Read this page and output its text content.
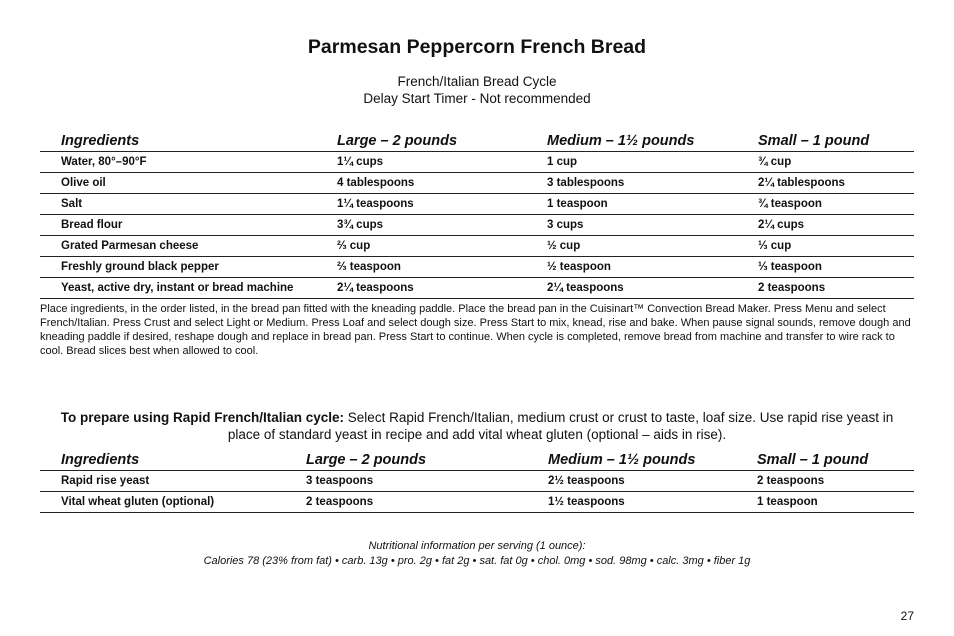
Parmesan Peppercorn French Bread
French/Italian Bread Cycle
Delay Start Timer - Not recommended
Ingredients	Large – 2 pounds	Medium – 1½ pounds	Small – 1 pound
Water, 80°–90°F	1¼ cups	1 cup	¾ cup
Olive oil	4 tablespoons	3 tablespoons	2¼ tablespoons
Salt	1¼ teaspoons	1 teaspoon	¾ teaspoon
Bread flour	3¾ cups	3 cups	2¼ cups
Grated Parmesan cheese	⅔ cup	½ cup	⅓ cup
Freshly ground black pepper	⅔ teaspoon	½ teaspoon	⅓ teaspoon
Yeast, active dry, instant or bread machine	2¼ teaspoons	2¼ teaspoons	2 teaspoons
Place ingredients, in the order listed, in the bread pan fitted with the kneading paddle. Place the bread pan in the Cuisinart™ Convection Bread Maker. Press Menu and select French/Italian. Press Crust and select Light or Medium. Press Loaf and select dough size. Press Start to mix, knead, rise and bake. When pause signal sounds, remove dough and kneading paddle if desired, reshape dough and replace in bread pan. Press Start to continue. When cycle is completed, remove bread from machine and transfer to wire rack to cool. Bread slices best when allowed to cool.
To prepare using Rapid French/Italian cycle: Select Rapid French/Italian, medium crust or crust to taste, loaf size. Use rapid rise yeast in place of standard yeast in recipe and add vital wheat gluten (optional – aids in rise).
Ingredients	Large – 2 pounds	Medium – 1½ pounds	Small – 1 pound
Rapid rise yeast	3 teaspoons	2½ teaspoons	2 teaspoons
Vital wheat gluten (optional)	2 teaspoons	1½ teaspoons	1 teaspoon
Nutritional information per serving (1 ounce):
Calories 78 (23% from fat) • carb. 13g • pro. 2g • fat 2g • sat. fat 0g • chol. 0mg • sod. 98mg • calc. 3mg • fiber 1g
27
